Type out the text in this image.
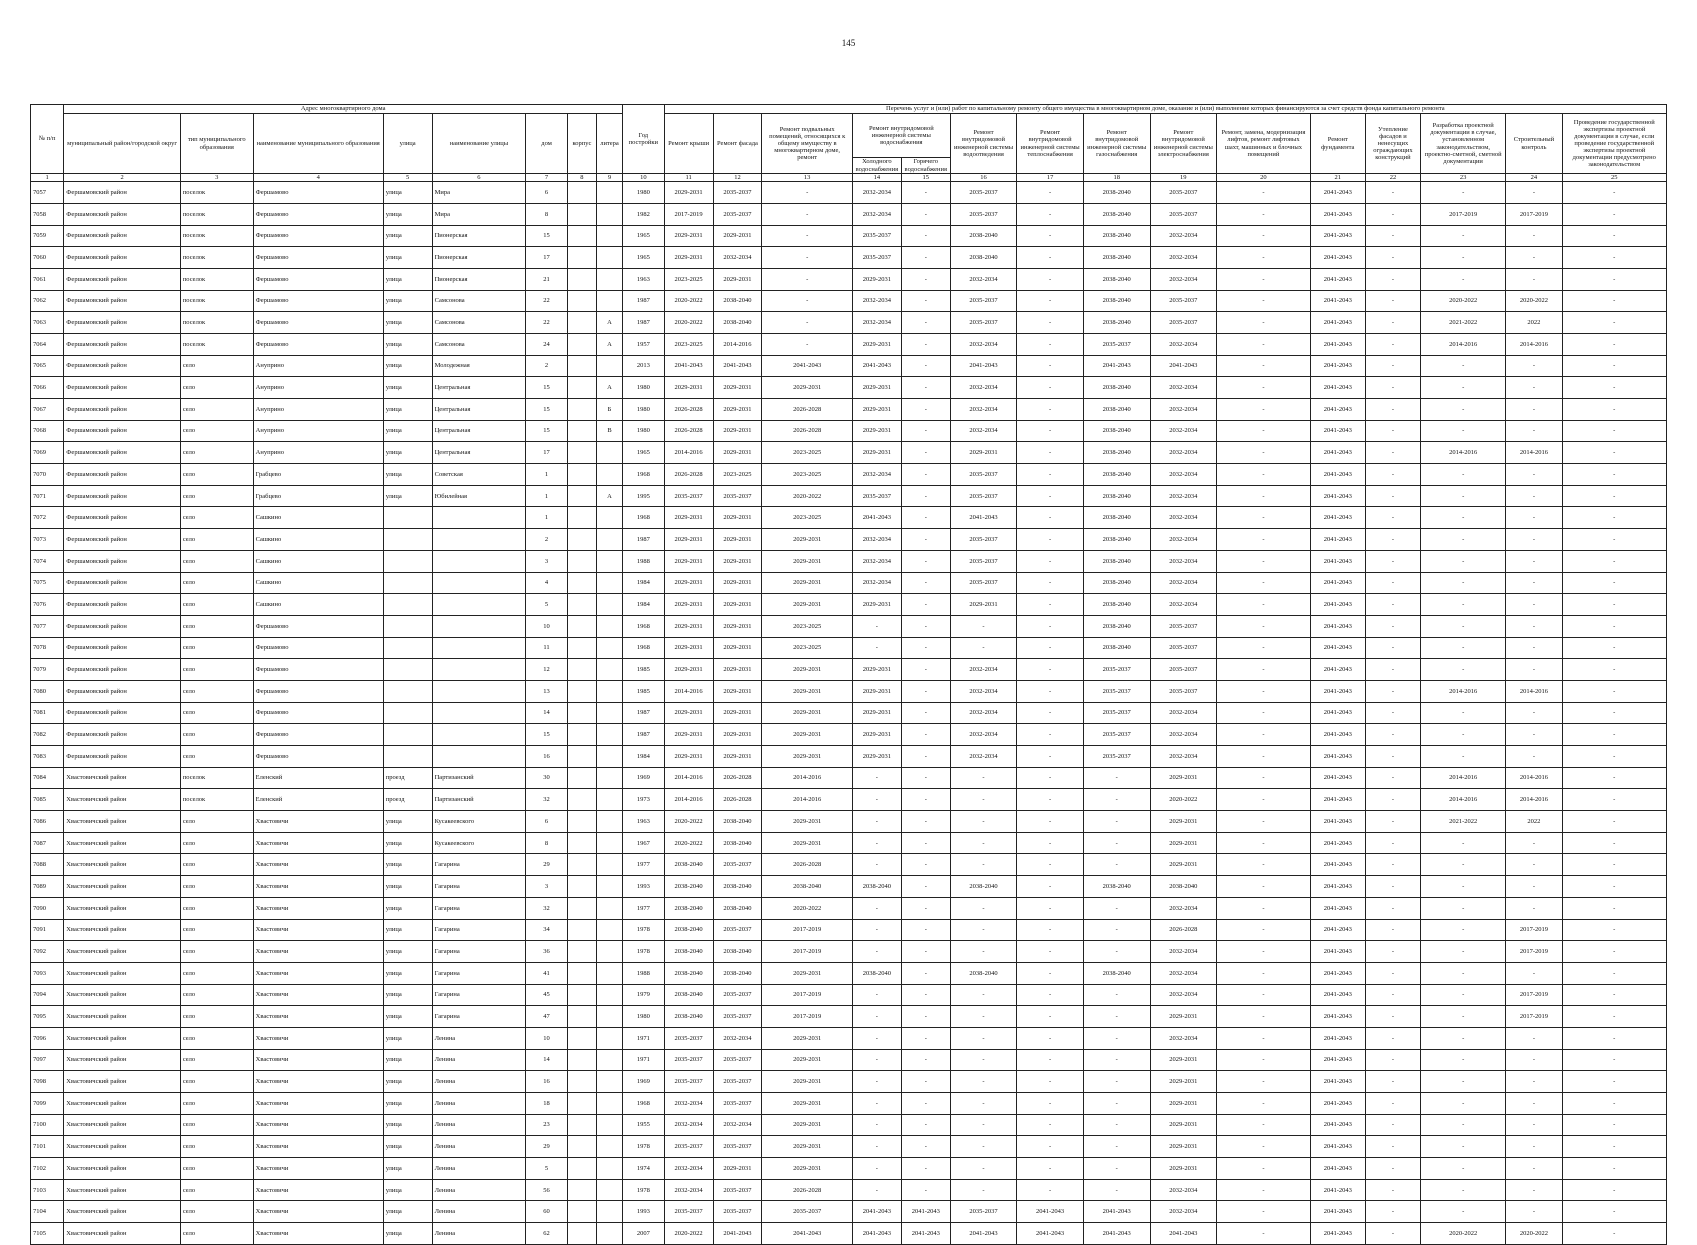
145
№ п/п	Адрес многоквартирного дома								Год постройки	Перечень услуг и (или) работ по капитальному ремонту общего имущества в многоквартирном доме, оказание и (или) выполнение которых финансируются за счет средств фонда капитального ремонта														
	муниципальный район/городской округ	тип муниципального образования	наименование муниципального образования	улица	наименование улицы	дом	корпус	литера		Ремонт крыши	Ремонт фасада	Ремонт подвальных помещений, относящихся к общему имуществу в многоквартирном доме, ремонт	Ремонт внутридомовой инженерной системы водоснабжения		Ремонт внутридомовой инженерной системы водоотведения	Ремонт внутридомовой инженерной системы теплоснабжения	Ремонт внутридомовой инженерной системы газоснабжения	Ремонт внутридомовой инженерной системы электроснабжения	Ремонт, замена, модернизация лифтов, ремонт лифтовых шахт, машинных и блочных помещений	Ремонт фундамента	Утепление фасадов и ненесущих ограждающих конструкций	Разработка проектной документации в случае, установленном законодательством, проектно-сметной, сметной документации	Строительный контроль	Проведение государственной экспертизы проектной документации в случае, если проведение государственной экспертизы проектной документации предусмотрено законодательством
													Холодного водоснабжения	Горячего водоснабжения										
1	2	3	4	5	6	7	8	9	10	11	12	13	14	15	16	17	18	19	20	21	22	23	24	25
7057	Фершамовский район	поселок	Фершамово	улица	Мира	6			1980	2029-2031	2035-2037	-	2032-2034	-	2035-2037	-	2038-2040	2035-2037	-	2041-2043	-	-	-	-
7058	Фершамовский район	поселок	Фершамово	улица	Мира	8			1982	2017-2019	2035-2037	-	2032-2034	-	2035-2037	-	2038-2040	2035-2037	-	2041-2043	-	2017-2019	2017-2019	-
7059	Фершамовский район	поселок	Фершамово	улица	Пионерская	15			1965	2029-2031	2029-2031	-	2035-2037	-	2038-2040	-	2038-2040	2032-2034	-	2041-2043	-	-	-	-
7060	Фершамовский район	поселок	Фершамово	улица	Пионерская	17			1965	2029-2031	2032-2034	-	2035-2037	-	2038-2040	-	2038-2040	2032-2034	-	2041-2043	-	-	-	-
7061	Фершамовский район	поселок	Фершамово	улица	Пионерская	21			1963	2023-2025	2029-2031	-	2029-2031	-	2032-2034	-	2038-2040	2032-2034	-	2041-2043	-	-	-	-
7062	Фершамовский район	поселок	Фершамово	улица	Самсонова	22			1987	2020-2022	2038-2040	-	2032-2034	-	2035-2037	-	2038-2040	2035-2037	-	2041-2043	-	2020-2022	2020-2022	-
7063	Фершамовский район	поселок	Фершамово	улица	Самсонова	22		А	1987	2020-2022	2038-2040	-	2032-2034	-	2035-2037	-	2038-2040	2035-2037	-	2041-2043	-	2021-2022	2022	-
7064	Фершамовский район	поселок	Фершамово	улица	Самсонова	24		А	1957	2023-2025	2014-2016	-	2029-2031	-	2032-2034	-	2035-2037	2032-2034	-	2041-2043	-	2014-2016	2014-2016	-
7065	Фершамовский район	село	Ануприно	улица	Молодежная	2			2013	2041-2043	2041-2043	2041-2043	2041-2043	-	2041-2043	-	2041-2043	2041-2043	-	2041-2043	-	-	-	-
7066	Фершамовский район	село	Ануприно	улица	Центральная	15		А	1980	2029-2031	2029-2031	2029-2031	2029-2031	-	2032-2034	-	2038-2040	2032-2034	-	2041-2043	-	-	-	-
7067	Фершамовский район	село	Ануприно	улица	Центральная	15		Б	1980	2026-2028	2029-2031	2026-2028	2029-2031	-	2032-2034	-	2038-2040	2032-2034	-	2041-2043	-	-	-	-
7068	Фершамовский район	село	Ануприно	улица	Центральная	15		В	1980	2026-2028	2029-2031	2026-2028	2029-2031	-	2032-2034	-	2038-2040	2032-2034	-	2041-2043	-	-	-	-
7069	Фершамовский район	село	Ануприно	улица	Центральная	17			1965	2014-2016	2029-2031	2023-2025	2029-2031	-	2029-2031	-	2038-2040	2032-2034	-	2041-2043	-	2014-2016	2014-2016	-
7070	Фершамовский район	село	Грабцево	улица	Советская	1			1968	2026-2028	2023-2025	2023-2025	2032-2034	-	2035-2037	-	2038-2040	2032-2034	-	2041-2043	-	-	-	-
7071	Фершамовский район	село	Грабцево	улица	Юбилейная	1		А	1995	2035-2037	2035-2037	2020-2022	2035-2037	-	2035-2037	-	2038-2040	2032-2034	-	2041-2043	-	-	-	-
7072	Фершамовский район	село	Сашкино			1			1968	2029-2031	2029-2031	2023-2025	2041-2043	-	2041-2043	-	2038-2040	2032-2034	-	2041-2043	-	-	-	-
7073	Фершамовский район	село	Сашкино			2			1987	2029-2031	2029-2031	2029-2031	2032-2034	-	2035-2037	-	2038-2040	2032-2034	-	2041-2043	-	-	-	-
7074	Фершамовский район	село	Сашкино			3			1988	2029-2031	2029-2031	2029-2031	2032-2034	-	2035-2037	-	2038-2040	2032-2034	-	2041-2043	-	-	-	-
7075	Фершамовский район	село	Сашкино			4			1984	2029-2031	2029-2031	2029-2031	2032-2034	-	2035-2037	-	2038-2040	2032-2034	-	2041-2043	-	-	-	-
7076	Фершамовский район	село	Сашкино			5			1984	2029-2031	2029-2031	2029-2031	2029-2031	-	2029-2031	-	2038-2040	2032-2034	-	2041-2043	-	-	-	-
7077	Фершамовский район	село	Фершамово			10			1968	2029-2031	2029-2031	2023-2025	-	-	-	-	2038-2040	2035-2037	-	2041-2043	-	-	-	-
7078	Фершамовский район	село	Фершамово			11			1968	2029-2031	2029-2031	2023-2025	-	-	-	-	2038-2040	2035-2037	-	2041-2043	-	-	-	-
7079	Фершамовский район	село	Фершамово			12			1985	2029-2031	2029-2031	2029-2031	2029-2031	-	2032-2034	-	2035-2037	2035-2037	-	2041-2043	-	-	-	-
7080	Фершамовский район	село	Фершамово			13			1985	2014-2016	2029-2031	2029-2031	2029-2031	-	2032-2034	-	2035-2037	2035-2037	-	2041-2043	-	2014-2016	2014-2016	-
7081	Фершамовский район	село	Фершамово			14			1987	2029-2031	2029-2031	2029-2031	2029-2031	-	2032-2034	-	2035-2037	2032-2034	-	2041-2043	-	-	-	-
7082	Фершамовский район	село	Фершамово			15			1987	2029-2031	2029-2031	2029-2031	2029-2031	-	2032-2034	-	2035-2037	2032-2034	-	2041-2043	-	-	-	-
7083	Фершамовский район	село	Фершамово			16			1984	2029-2031	2029-2031	2029-2031	2029-2031	-	2032-2034	-	2035-2037	2032-2034	-	2041-2043	-	-	-	-
7084	Хвастовичский район	поселок	Еленский	проезд	Партизанский	30			1969	2014-2016	2026-2028	2014-2016	-	-	-	-	-	2029-2031	-	2041-2043	-	2014-2016	2014-2016	-
7085	Хвастовичский район	поселок	Еленский	проезд	Партизанский	32			1973	2014-2016	2026-2028	2014-2016	-	-	-	-	-	2020-2022	-	2041-2043	-	2014-2016	2014-2016	-
7086	Хвастовичский район	село	Хвастовичи	улица	Кусакеевского	6			1963	2020-2022	2038-2040	2029-2031	-	-	-	-	-	2029-2031	-	2041-2043	-	2021-2022	2022	-
7087	Хвастовичский район	село	Хвастовичи	улица	Кусакеевского	8			1967	2020-2022	2038-2040	2029-2031	-	-	-	-	-	2029-2031	-	2041-2043	-	-	-	-
7088	Хвастовичский район	село	Хвастовичи	улица	Гагарина	29			1977	2038-2040	2035-2037	2026-2028	-	-	-	-	-	2029-2031	-	2041-2043	-	-	-	-
7089	Хвастовичский район	село	Хвастовичи	улица	Гагарина	3			1993	2038-2040	2038-2040	2038-2040	2038-2040	-	2038-2040	-	2038-2040	2038-2040	-	2041-2043	-	-	-	-
7090	Хвастовичский район	село	Хвастовичи	улица	Гагарина	32			1977	2038-2040	2038-2040	2020-2022	-	-	-	-	-	2032-2034	-	2041-2043	-	-	-	-
7091	Хвастовичский район	село	Хвастовичи	улица	Гагарина	34			1978	2038-2040	2035-2037	2017-2019	-	-	-	-	-	2026-2028	-	2041-2043	-	-	2017-2019	-
7092	Хвастовичский район	село	Хвастовичи	улица	Гагарина	36			1978	2038-2040	2038-2040	2017-2019	-	-	-	-	-	2032-2034	-	2041-2043	-	-	2017-2019	-
7093	Хвастовичский район	село	Хвастовичи	улица	Гагарина	41			1988	2038-2040	2038-2040	2029-2031	2038-2040	-	2038-2040	-	2038-2040	2032-2034	-	2041-2043	-	-	-	-
7094	Хвастовичский район	село	Хвастовичи	улица	Гагарина	45			1979	2038-2040	2035-2037	2017-2019	-	-	-	-	-	2032-2034	-	2041-2043	-	-	2017-2019	-
7095	Хвастовичский район	село	Хвастовичи	улица	Гагарина	47			1980	2038-2040	2035-2037	2017-2019	-	-	-	-	-	2029-2031	-	2041-2043	-	-	2017-2019	-
7096	Хвастовичский район	село	Хвастовичи	улица	Ленина	10			1971	2035-2037	2032-2034	2029-2031	-	-	-	-	-	2032-2034	-	2041-2043	-	-	-	-
7097	Хвастовичский район	село	Хвастовичи	улица	Ленина	14			1971	2035-2037	2035-2037	2029-2031	-	-	-	-	-	2029-2031	-	2041-2043	-	-	-	-
7098	Хвастовичский район	село	Хвастовичи	улица	Ленина	16			1969	2035-2037	2035-2037	2029-2031	-	-	-	-	-	2029-2031	-	2041-2043	-	-	-	-
7099	Хвастовичский район	село	Хвастовичи	улица	Ленина	18			1968	2032-2034	2035-2037	2029-2031	-	-	-	-	-	2029-2031	-	2041-2043	-	-	-	-
7100	Хвастовичский район	село	Хвастовичи	улица	Ленина	23			1955	2032-2034	2032-2034	2029-2031	-	-	-	-	-	2029-2031	-	2041-2043	-	-	-	-
7101	Хвастовичский район	село	Хвастовичи	улица	Ленина	29			1978	2035-2037	2035-2037	2029-2031	-	-	-	-	-	2029-2031	-	2041-2043	-	-	-	-
7102	Хвастовичский район	село	Хвастовичи	улица	Ленина	5			1974	2032-2034	2029-2031	2029-2031	-	-	-	-	-	2029-2031	-	2041-2043	-	-	-	-
7103	Хвастовичский район	село	Хвастовичи	улица	Ленина	56			1978	2032-2034	2035-2037	2026-2028	-	-	-	-	-	2032-2034	-	2041-2043	-	-	-	-
7104	Хвастовичский район	село	Хвастовичи	улица	Ленина	60			1993	2035-2037	2035-2037	2035-2037	2041-2043	2041-2043	2035-2037	2041-2043	2041-2043	2032-2034	-	2041-2043	-	-	-	-
7105	Хвастовичский район	село	Хвастовичи	улица	Ленина	62			2007	2020-2022	2041-2043	2041-2043	2041-2043	2041-2043	2041-2043	2041-2043	2041-2043	2041-2043	-	2041-2043	-	2020-2022	2020-2022	-
